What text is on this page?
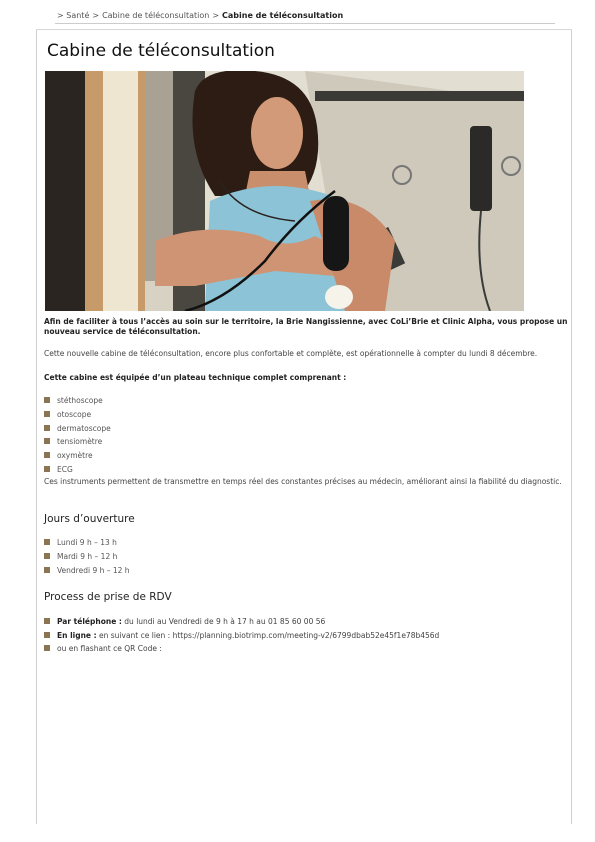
> Santé > Cabine de téléconsultation > Cabine de téléconsultation
Cabine de téléconsultation

Afin de faciliter à tous l’accès au soin sur le territoire, la Brie Nangissienne, avec CoLi’Brie et Clinic Alpha, vous propose un nouveau service de téléconsultation.

Cette nouvelle cabine de téléconsultation, encore plus confortable et complète, est opérationnelle à compter du lundi 8 décembre.

Cette cabine est équipée d’un plateau technique complet comprenant :

stéthoscope
otoscope
dermatoscope
tensiomètre
oxymètre
ECG

Ces instruments permettent de transmettre en temps réel des constantes précises au médecin, améliorant ainsi la fiabilité du diagnostic.

Jours d’ouverture
Lundi 9 h – 13 h
Mardi 9 h – 12 h
Vendredi 9 h – 12 h
Process de prise de RDV
Par téléphone : du lundi au Vendredi de 9 h à 17 h au 01 85 60 00 56
En ligne : en suivant ce lien : https://planning.biotrimp.com/meeting-v2/6799dbab52e45f1e78b456d
ou en flashant ce QR Code :
